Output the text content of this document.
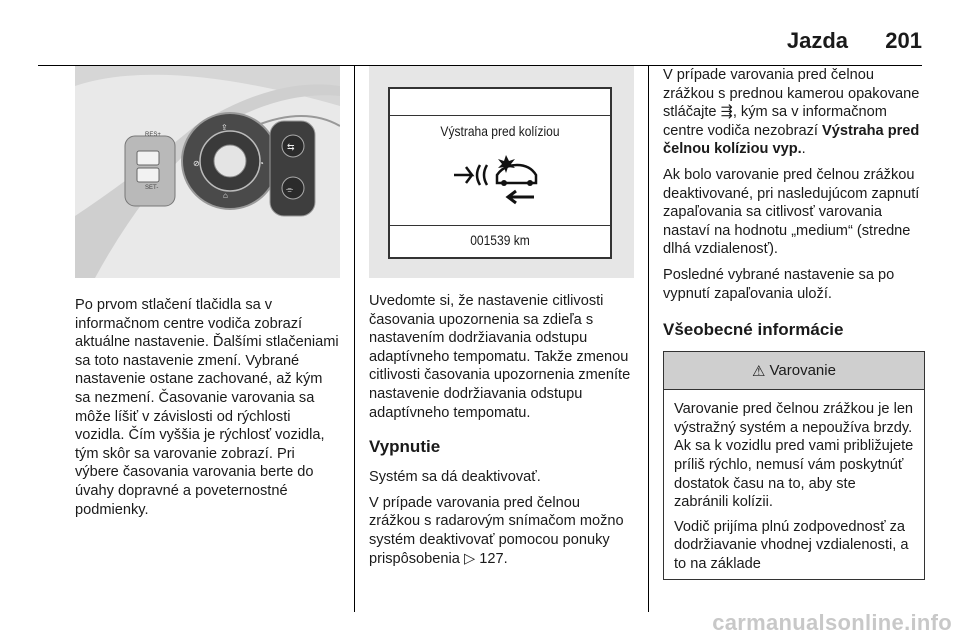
Jazda 201
RES+
SET-
⇪
⊘	◔
⌂
⇆
⌯
Po prvom stlačení tlačidla sa v informačnom centre vodiča zobrazí aktuálne nastavenie. Ďalšími stlačeniami sa toto nastavenie zmení. Vybrané nastavenie ostane zachované, až kým sa nezmení. Časovanie varovania sa môže líšiť v závislosti od rýchlosti vozidla. Čím vyššia je rýchlosť vozidla, tým skôr sa varovanie zobrazí. Pri výbere časovania varovania berte do úvahy dopravné a poveternostné podmienky.
Výstraha pred kolíziou
001539 km
Uvedomte si, že nastavenie citlivosti časovania upozornenia sa zdieľa s nastavením dodržiavania odstupu adaptívneho tempomatu. Takže zmenou citlivosti časovania upozornenia zmeníte nastavenie dodržiavania odstupu adaptívneho tempomatu.
Vypnutie
Systém sa dá deaktivovať.
V prípade varovania pred čelnou zrážkou s radarovým snímačom možno systém deaktivovať pomocou ponuky prispôsobenia ▷ 127.
V prípade varovania pred čelnou zrážkou s prednou kamerou opakovane stláčajte ⇶, kým sa v informačnom centre vodiča nezobrazí Výstraha pred čelnou kolíziou vyp..
Ak bolo varovanie pred čelnou zrážkou deaktivované, pri nasledujúcom zapnutí zapaľovania sa citlivosť varovania nastaví na hodnotu „medium“ (stredne dlhá vzdialenosť).
Posledné vybrané nastavenie sa po vypnutí zapaľovania uloží.
Všeobecné informácie
⚠ Varovanie
Varovanie pred čelnou zrážkou je len výstražný systém a nepoužíva brzdy. Ak sa k vozidlu pred vami približujete príliš rýchlo, nemusí vám poskytnúť dostatok času na to, aby ste zabránili kolízii.
Vodič prijíma plnú zodpovednosť za dodržiavanie vhodnej vzdialenosti, a to na základe
carmanualsonline.info
